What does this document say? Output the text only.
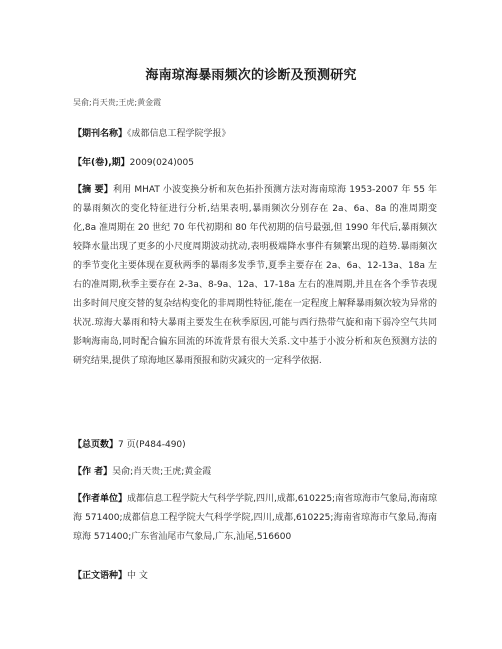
海南琼海暴雨频次的诊断及预测研究
吴俞;肖天贵;王虎;黄金霞
【期刊名称】《成都信息工程学院学报》
【年(卷),期】2009(024)005
【摘 要】利用 MHAT 小波变换分析和灰色拓扑预测方法对海南琼海 1953-2007 年 55 年的暴雨频次的变化特征进行分析,结果表明,暴雨频次分别存在 2a、6a、8a 的准周期变化,8a 准周期在 20 世纪 70 年代初期和 80 年代初期的信号最强,但 1990 年代后,暴雨频次较降水量出现了更多的小尺度周期波动扰动,表明极端降水事件有频繁出现的趋势.暴雨频次的季节变化主要体现在夏秋两季的暴雨多发季节,夏季主要存在 2a、6a、12-13a、18a 左右的准周期,秋季主要存在 2-3a、8-9a、12a、17-18a 左右的准周期,并且在各个季节表现出多时间尺度交替的复杂结构变化的非周期性特征,能在一定程度上解释暴雨频次较为异常的状况.琼海大暴雨和特大暴雨主要发生在秋季原因,可能与西行热带气旋和南下弱冷空气共同影响海南岛,同时配合偏东回流的环流背景有很大关系.文中基于小波分析和灰色预测方法的研究结果,提供了琼海地区暴雨预报和防灾减灾的一定科学依据.
【总页数】7 页(P484-490)
【作 者】吴俞;肖天贵;王虎;黄金霞
【作者单位】成都信息工程学院大气科学学院,四川,成都,610225;南省琼海市气象局,海南琼海 571400;成都信息工程学院大气科学学院,四川,成都,610225;海南省琼海市气象局,海南琼海 571400;广东省汕尾市气象局,广东,汕尾,516600
【正文语种】中 文
